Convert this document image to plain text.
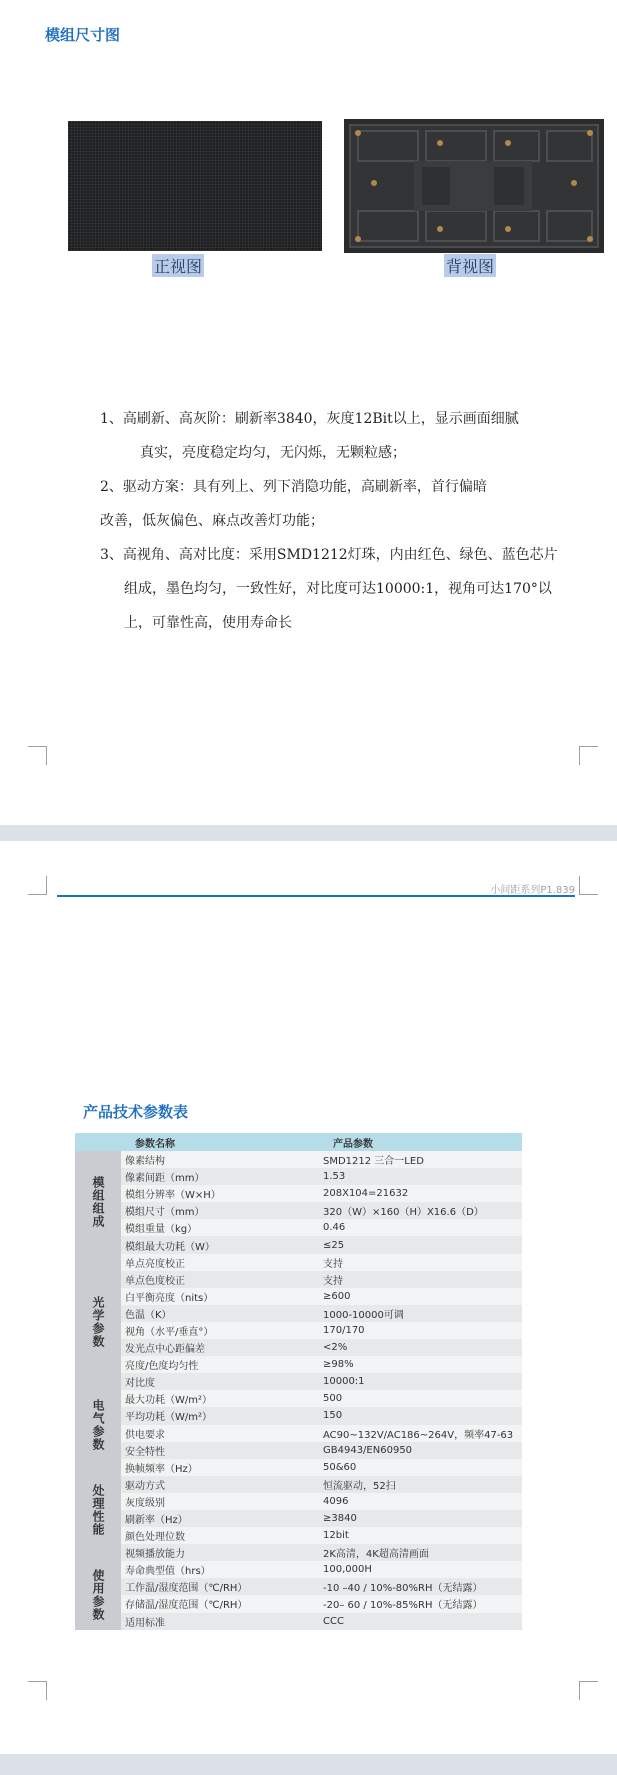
模组尺寸图
正视图	背视图
1、高刷新、高灰阶：刷新率3840，灰度12Bit以上，显示画面细腻
真实，亮度稳定均匀，无闪烁，无颗粒感；
2、驱动方案：具有列上、列下消隐功能，高刷新率，首行偏暗
改善，低灰偏色、麻点改善灯功能；
3、高视角、高对比度：采用SMD1212灯珠，内由红色、绿色、蓝色芯片
组成，墨色均匀，一致性好，对比度可达10000:1，视角可达170°以
上，可靠性高，使用寿命长
小间距系列P1.839
产品技术参数表
	参数名称	产品参数
模组组成	像素结构	SMD1212 三合一LED
	像素间距（mm）	1.53
	模组分辨率（W×H）	208X104=21632
	模组尺寸（mm）	320（W）×160（H）X16.6（D）
	模组重量（kg）	0.46
	模组最大功耗（W）	≤25
光学参数	单点亮度校正	支持
	单点色度校正	支持
	白平衡亮度（nits）	≥600
	色温（K）	1000-10000可调
	视角（水平/垂直°）	170/170
	发光点中心距偏差	<2%
	亮度/色度均匀性	≥98%
	对比度	10000:1
电气参数	最大功耗（W/m²）	500
	平均功耗（W/m²）	150
	供电要求	AC90~132V/AC186~264V，频率47-63
	安全特性	GB4943/EN60950
处理性能	换帧频率（Hz）	50&60
	驱动方式	恒流驱动，52扫
	灰度级别	4096
	刷新率（Hz）	≥3840
	颜色处理位数	12bit
	视频播放能力	2K高清，4K超高清画面
使用参数	寿命典型值（hrs）	100,000H
	工作温/湿度范围（℃/RH）	-10 –40 / 10%-80%RH（无结露）
	存储温/湿度范围（℃/RH）	-20– 60 / 10%-85%RH（无结露）
	适用标准	CCC
